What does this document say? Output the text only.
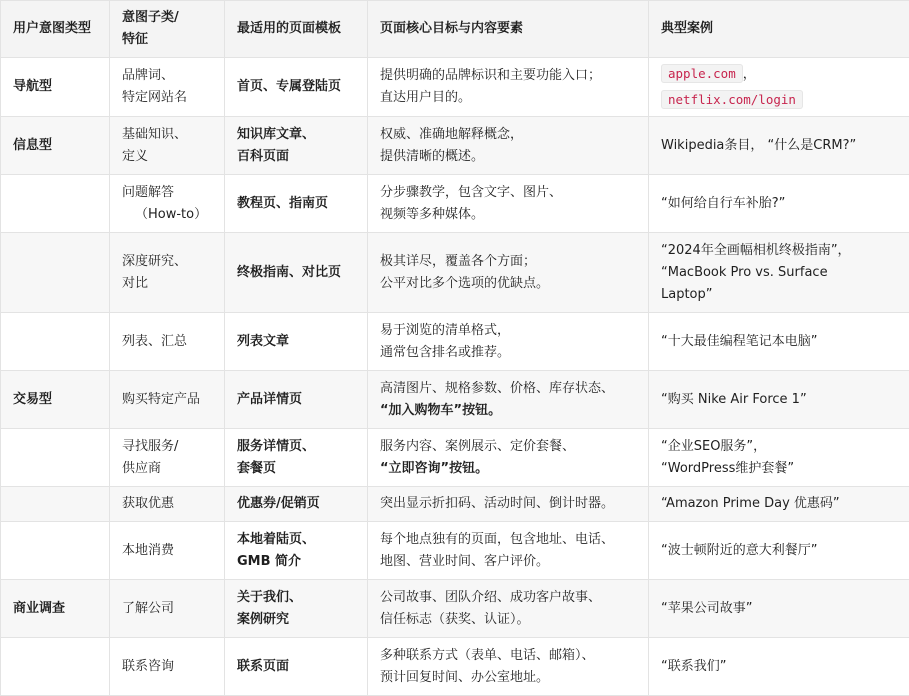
用户意图类型	意图子类/
特征	最适用的页面模板	页面核心目标与内容要素	典型案例

导航型	品牌词、
特定网站名	首页、专属登陆页	提供明确的品牌标识和主要功能入口；
直达用户目的。	apple.com ，
netflix.com/login

信息型	基础知识、
定义	知识库文章、
百科页面	权威、准确地解释概念，
提供清晰的概述。	Wikipedia条目， “什么是CRM?”

	问题解答
（How-to）	教程页、指南页	分步骤教学，包含文字、图片、
视频等多种媒体。	“如何给自行车补胎?”

	深度研究、
对比	终极指南、对比页	极其详尽，覆盖各个方面；
公平对比多个选项的优缺点。	“2024年全画幅相机终极指南”，
“MacBook Pro vs. Surface
Laptop”

	列表、汇总	列表文章	易于浏览的清单格式，
通常包含排名或推荐。	“十大最佳编程笔记本电脑”

交易型	购买特定产品	产品详情页	高清图片、规格参数、价格、库存状态、
“加入购物车”按钮。	“购买 Nike Air Force 1”

	寻找服务/
供应商	服务详情页、
套餐页	服务内容、案例展示、定价套餐、
“立即咨询”按钮。	“企业SEO服务”，
“WordPress维护套餐”

	获取优惠	优惠券/促销页	突出显示折扣码、活动时间、倒计时器。	“Amazon Prime Day 优惠码”

	本地消费	本地着陆页、
GMB 简介	每个地点独有的页面，包含地址、电话、
地图、营业时间、客户评价。	“波士顿附近的意大利餐厅”

商业调查	了解公司	关于我们、
案例研究	公司故事、团队介绍、成功客户故事、
信任标志（获奖、认证）。	“苹果公司故事”

	联系咨询	联系页面	多种联系方式（表单、电话、邮箱）、
预计回复时间、办公室地址。	“联系我们”
